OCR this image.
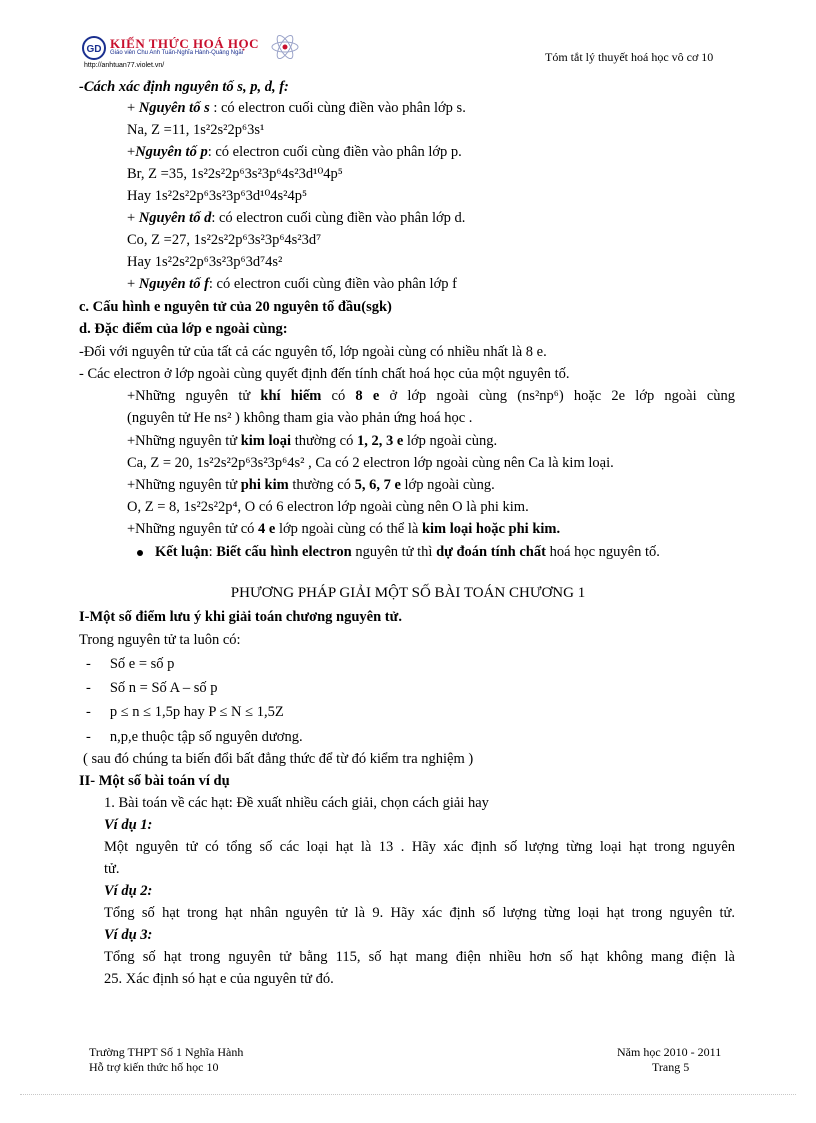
GD KIẾN THỨC HOÁ HỌC
Giáo viên Chu Anh Tuấn-Nghĩa Hành-Quảng Ngãi
http://anhtuan77.violet.vn/
Tóm tắt lý thuyết hoá học vô cơ 10
-Cách xác định nguyên tố s, p, d, f:
+ Nguyên tố s : có electron cuối cùng điền vào phân lớp s.
Na, Z =11, 1s²2s²2p⁶3s¹
+Nguyên tố p: có electron cuối cùng điền vào phân lớp p.
Br, Z =35, 1s²2s²2p⁶3s²3p⁶4s²3d¹⁰4p⁵
Hay 1s²2s²2p⁶3s²3p⁶3d¹⁰4s²4p⁵
+ Nguyên tố d: có electron cuối cùng điền vào phân lớp d.
Co, Z =27, 1s²2s²2p⁶3s²3p⁶4s²3d⁷
Hay 1s²2s²2p⁶3s²3p⁶3d⁷4s²
+ Nguyên tố f: có electron cuối cùng điền vào phân lớp f
c. Cấu hình e nguyên tử của 20 nguyên tố đầu(sgk)
d. Đặc điểm của lớp e ngoài cùng:
-Đối với nguyên tử của tất cả các nguyên tố, lớp ngoài cùng có nhiều nhất là 8 e.
- Các electron ở lớp ngoài cùng quyết định đến tính chất hoá học của một nguyên tố.
+Những nguyên tử khí hiếm có 8 e ở lớp ngoài cùng (ns²np⁶) hoặc 2e lớp ngoài cùng
(nguyên tử He ns² ) không tham gia vào phản ứng hoá học .
+Những nguyên tử kim loại thường có 1, 2, 3 e lớp ngoài cùng.
Ca, Z = 20, 1s²2s²2p⁶3s²3p⁶4s² , Ca có 2 electron lớp ngoài cùng nên Ca là kim loại.
+Những nguyên tử phi kim thường có 5, 6, 7 e lớp ngoài cùng.
O, Z = 8, 1s²2s²2p⁴, O có 6 electron lớp ngoài cùng nên O là phi kim.
+Những nguyên tử có 4 e lớp ngoài cùng có thể là kim loại hoặc phi kim.
Kết luận: Biết cấu hình electron nguyên tử thì dự đoán tính chất hoá học nguyên tố.
PHƯƠNG PHÁP GIẢI MỘT SỐ BÀI TOÁN CHƯƠNG 1
I-Một số điểm lưu ý khi giải toán chương nguyên tử.
Trong nguyên tử ta luôn có:
- Số e = số p
- Số n = Số A – số p
- p ≤ n ≤ 1,5p hay P ≤ N ≤ 1,5Z
- n,p,e thuộc tập số nguyên dương.
( sau đó chúng ta biến đổi bất đẳng thức để từ đó kiểm tra nghiệm )
II- Một số bài toán ví dụ
1. Bài toán về các hạt: Đề xuất nhiều cách giải, chọn cách giải hay
Ví dụ 1:
Một nguyên tử có tổng số các loại hạt là 13 . Hãy xác định số lượng từng loại hạt trong nguyên
tử.
Ví dụ 2:
Tổng số hạt trong hạt nhân nguyên tử là 9. Hãy xác định số lượng từng loại hạt trong nguyên tử.
Ví dụ 3:
Tổng số hạt trong nguyên tử bằng 115, số hạt mang điện nhiều hơn số hạt không mang điện là
25. Xác định só hạt e của nguyên tử đó.
Trường THPT Số 1 Nghĩa Hành
Hỗ trợ kiến thức hố học 10
Năm học 2010 - 2011
Trang 5
